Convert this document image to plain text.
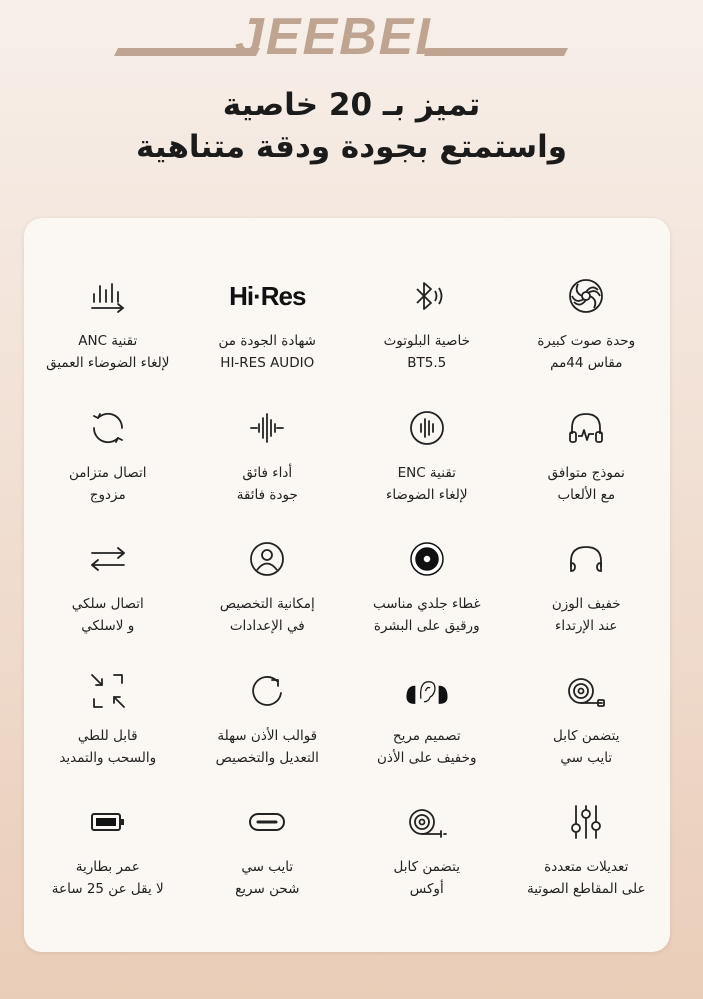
JEEBEL
تميز بـ 20 خاصية
واستمتع بجودة ودقة متناهية
وحدة صوت كبيرة
مقاس 44مم
خاصية البلوتوث
BT5.5
Hi·Res
شهادة الجودة من
HI-RES AUDIO
تقنية ANC
لإلغاء الضوضاء العميق
نموذج متوافق
مع الألعاب
تقنية ENC
لإلغاء الضوضاء
أداء فائق
جودة فائقة
اتصال متزامن
مزدوج
خفيف الوزن
عند الإرتداء
غطاء جلدي مناسب
ورقيق على البشرة
إمكانية التخصيص
في الإعدادات
اتصال سلكي
و لاسلكي
يتضمن كابل
تايب سي
تصميم مريح
وخفيف على الأذن
قوالب الأذن سهلة
التعديل والتخصيص
قابل للطي
والسحب والتمديد
تعديلات متعددة
على المقاطع الصوتية
يتضمن كابل
أوكس
تايب سي
شحن سريع
عمر بطارية
لا يقل عن 25 ساعة
